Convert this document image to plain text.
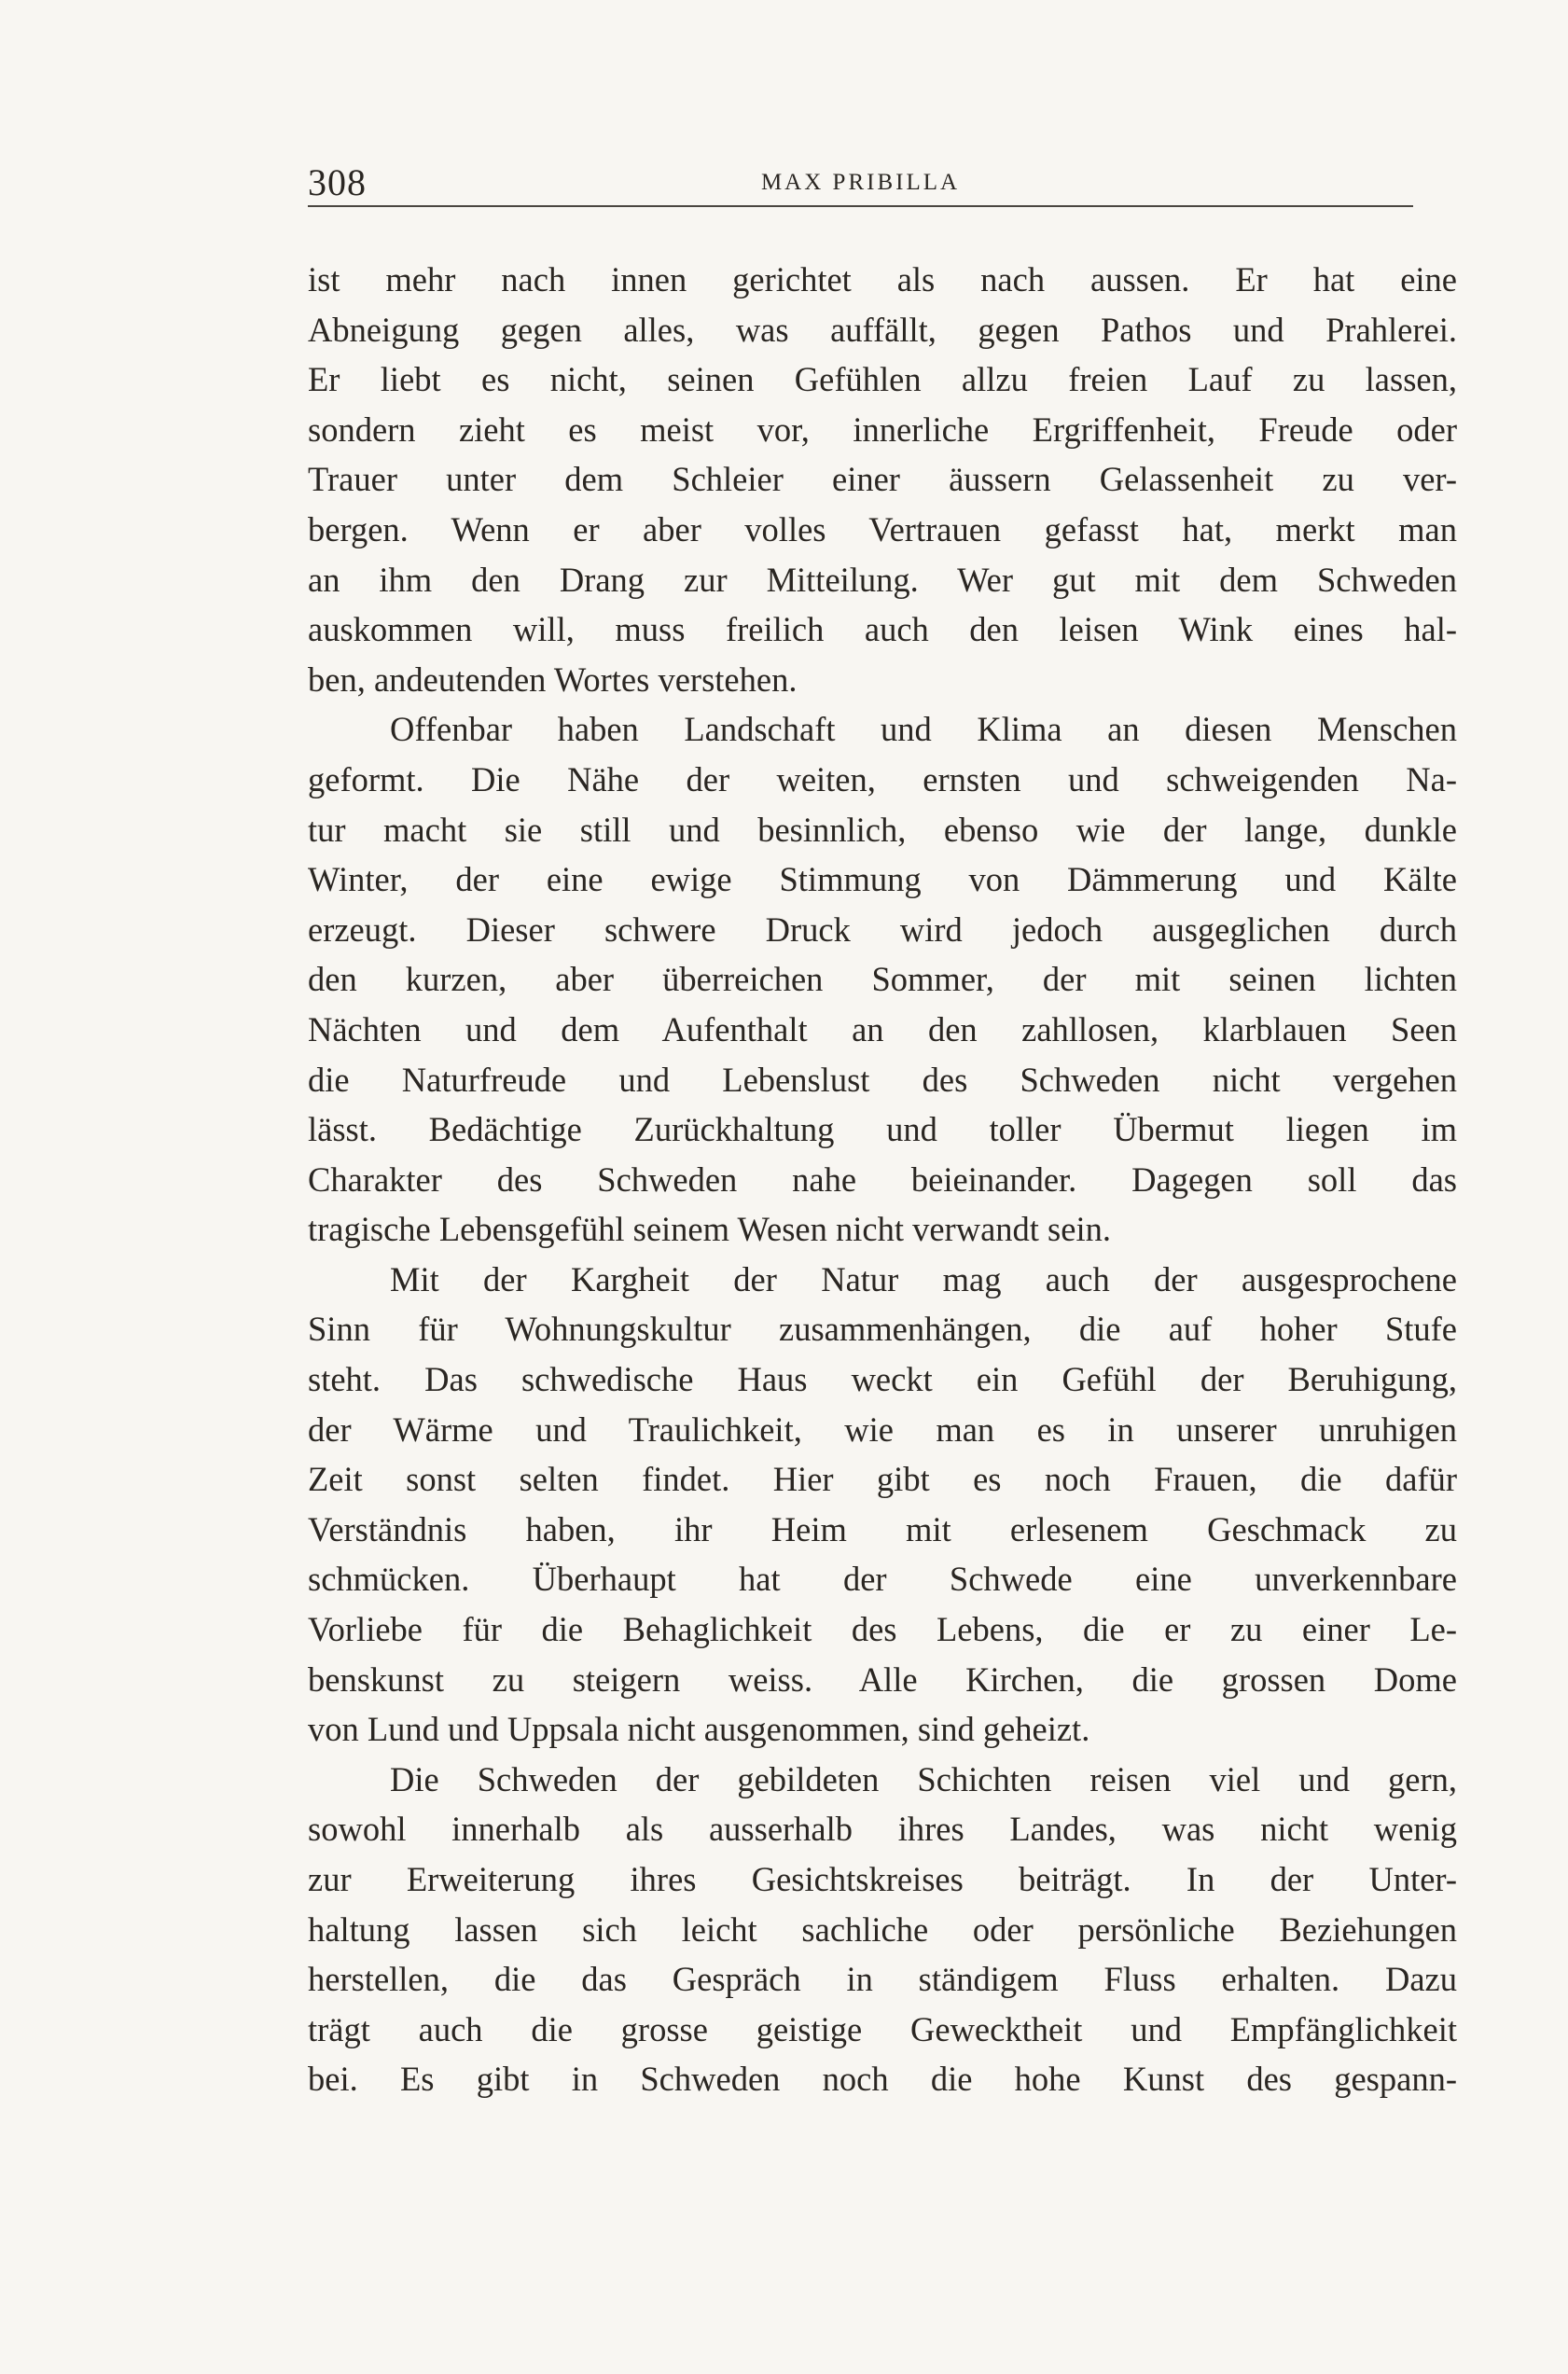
308	MAX PRIBILLA
ist mehr nach innen gerichtet als nach aussen. Er hat eine
Abneigung gegen alles, was auffällt, gegen Pathos und Prahlerei.
Er liebt es nicht, seinen Gefühlen allzu freien Lauf zu lassen,
sondern zieht es meist vor, innerliche Ergriffenheit, Freude oder
Trauer unter dem Schleier einer äussern Gelassenheit zu ver-
bergen. Wenn er aber volles Vertrauen gefasst hat, merkt man
an ihm den Drang zur Mitteilung. Wer gut mit dem Schweden
auskommen will, muss freilich auch den leisen Wink eines hal-
ben, andeutenden Wortes verstehen.
Offenbar haben Landschaft und Klima an diesen Menschen
geformt. Die Nähe der weiten, ernsten und schweigenden Na-
tur macht sie still und besinnlich, ebenso wie der lange, dunkle
Winter, der eine ewige Stimmung von Dämmerung und Kälte
erzeugt. Dieser schwere Druck wird jedoch ausgeglichen durch
den kurzen, aber überreichen Sommer, der mit seinen lichten
Nächten und dem Aufenthalt an den zahllosen, klarblauen Seen
die Naturfreude und Lebenslust des Schweden nicht vergehen
lässt. Bedächtige Zurückhaltung und toller Übermut liegen im
Charakter des Schweden nahe beieinander. Dagegen soll das
tragische Lebensgefühl seinem Wesen nicht verwandt sein.
Mit der Kargheit der Natur mag auch der ausgesprochene
Sinn für Wohnungskultur zusammenhängen, die auf hoher Stufe
steht. Das schwedische Haus weckt ein Gefühl der Beruhigung,
der Wärme und Traulichkeit, wie man es in unserer unruhigen
Zeit sonst selten findet. Hier gibt es noch Frauen, die dafür
Verständnis haben, ihr Heim mit erlesenem Geschmack zu
schmücken. Überhaupt hat der Schwede eine unverkennbare
Vorliebe für die Behaglichkeit des Lebens, die er zu einer Le-
benskunst zu steigern weiss. Alle Kirchen, die grossen Dome
von Lund und Uppsala nicht ausgenommen, sind geheizt.
Die Schweden der gebildeten Schichten reisen viel und gern,
sowohl innerhalb als ausserhalb ihres Landes, was nicht wenig
zur Erweiterung ihres Gesichtskreises beiträgt. In der Unter-
haltung lassen sich leicht sachliche oder persönliche Beziehungen
herstellen, die das Gespräch in ständigem Fluss erhalten. Dazu
trägt auch die grosse geistige Gewecktheit und Empfänglichkeit
bei. Es gibt in Schweden noch die hohe Kunst des gespann-
